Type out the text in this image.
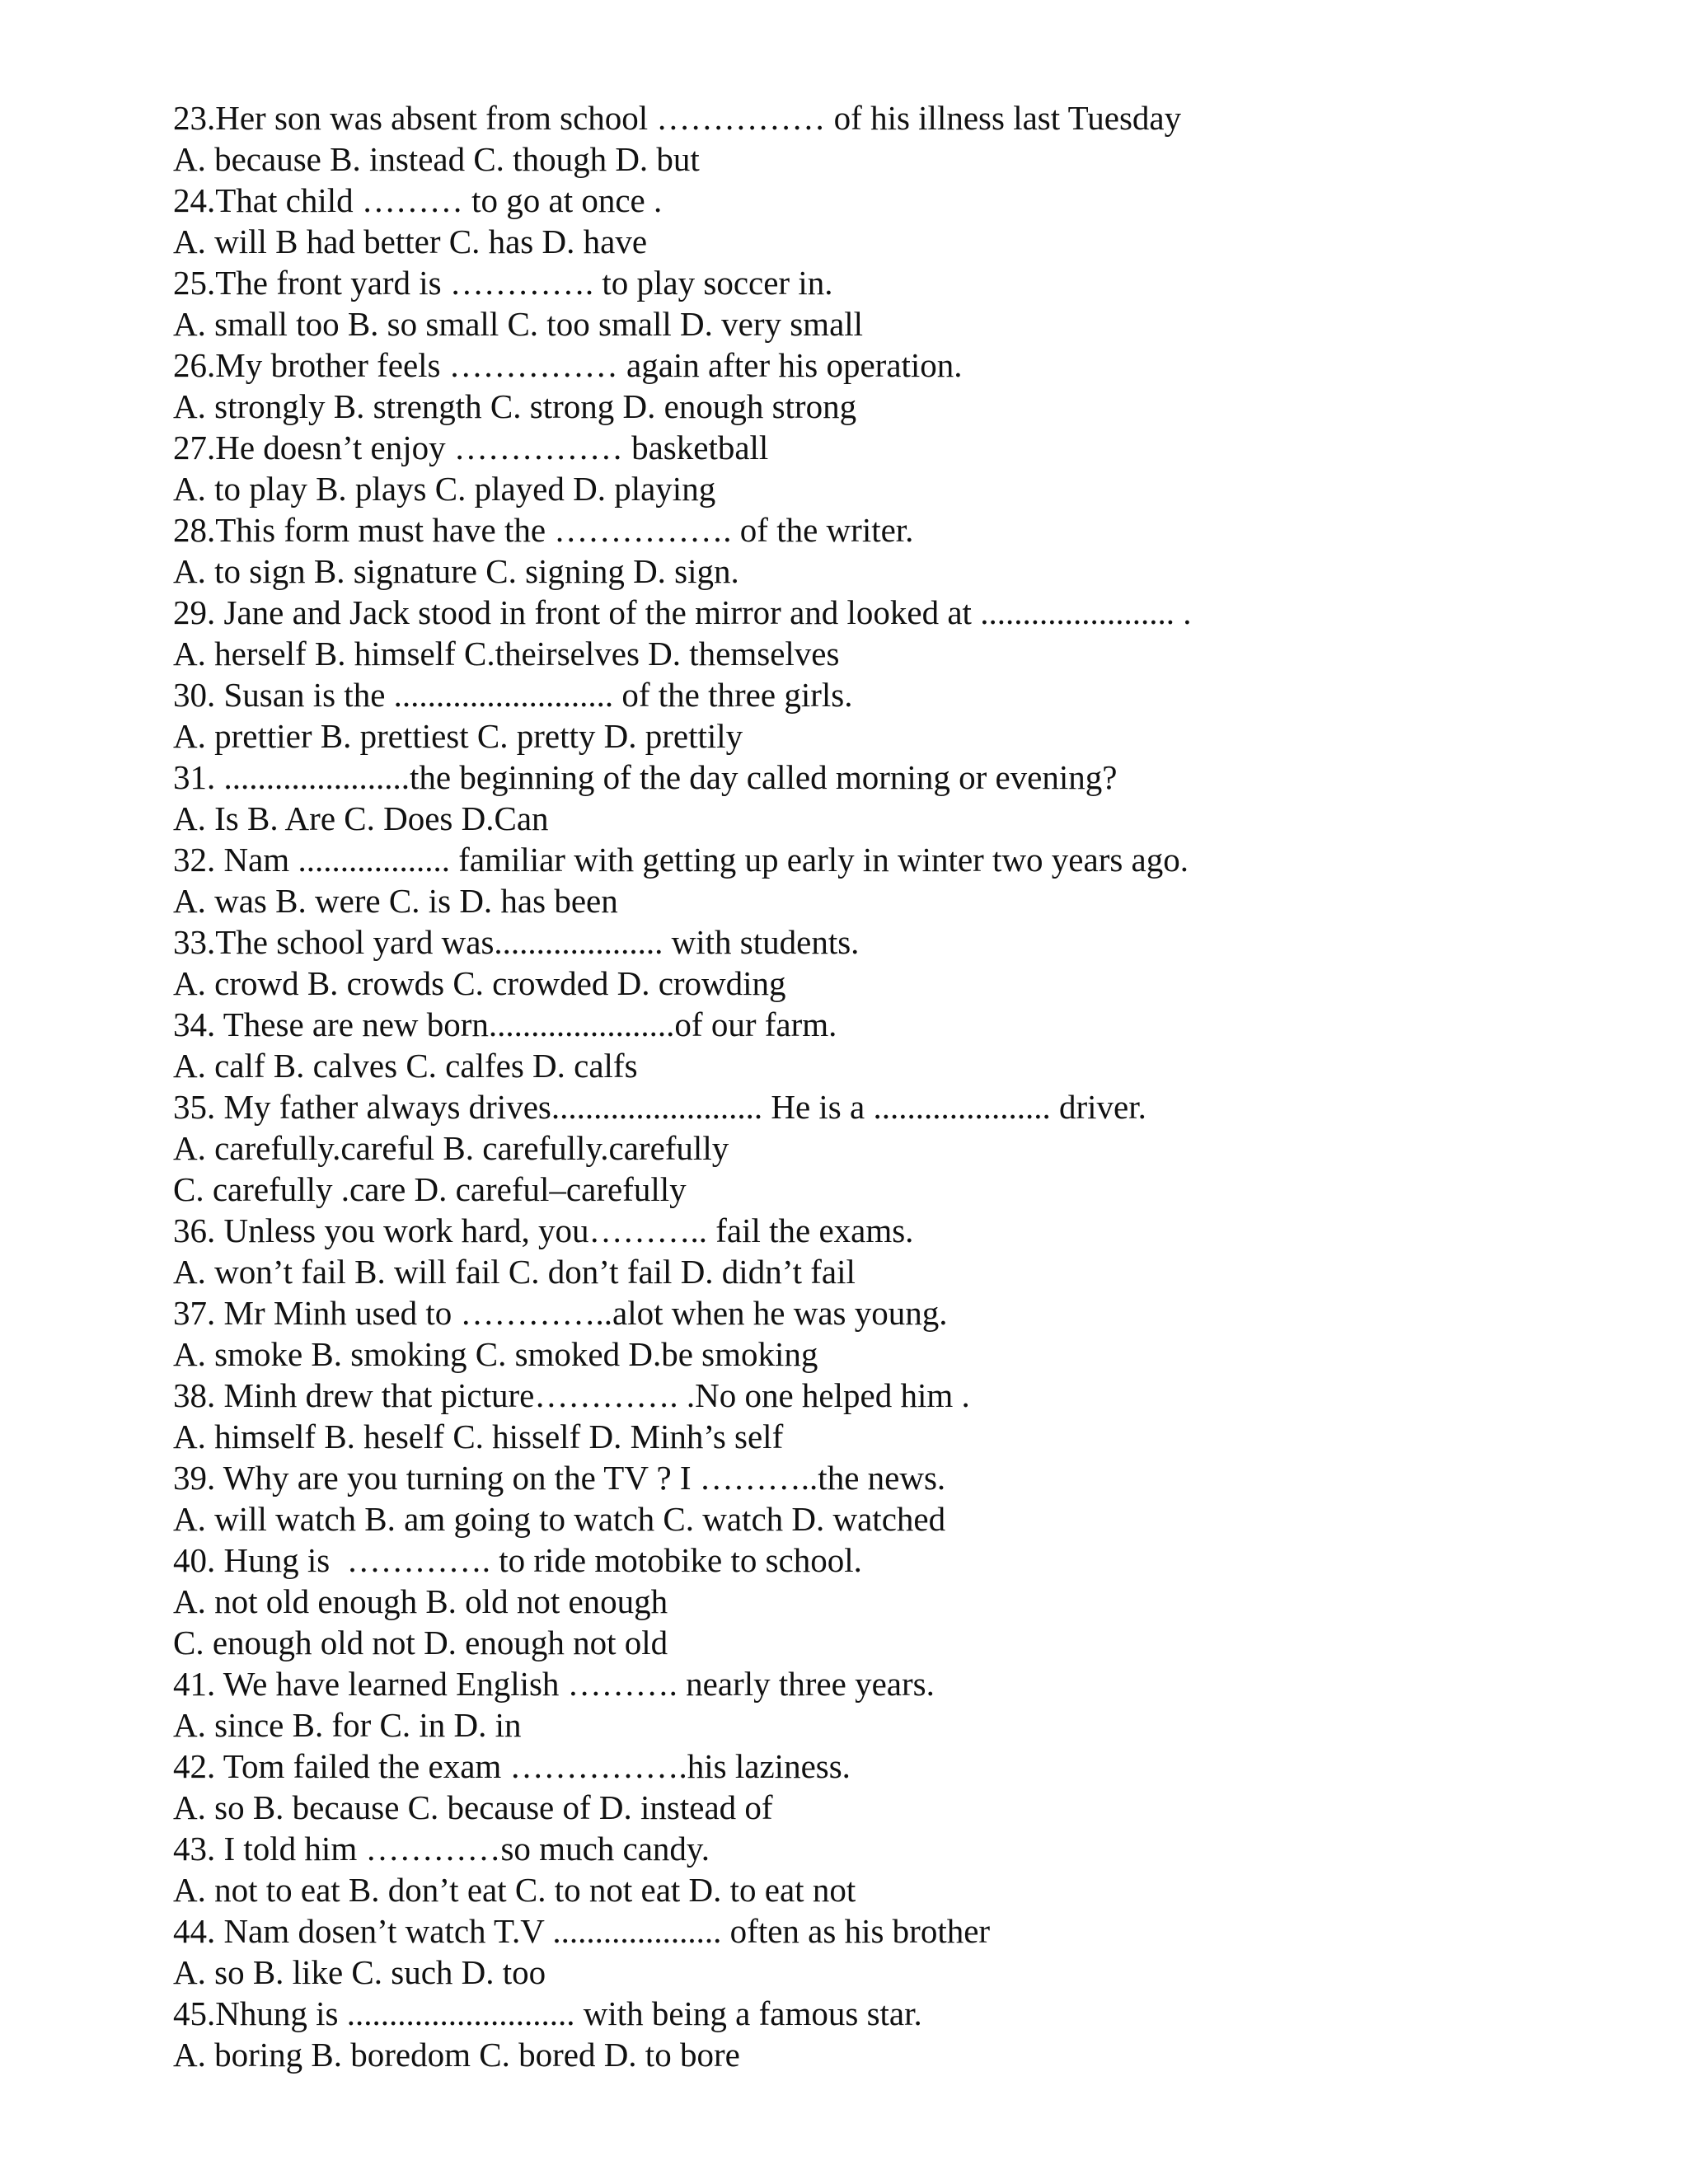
23.Her son was absent from school …………… of his illness last Tuesday

A. because B. instead C. though D. but

24.That child ……… to go at once .

A. will B had better C. has D. have

25.The front yard is …………. to play soccer in.

A. small too B. so small C. too small D. very small

26.My brother feels …………… again after his operation.

A. strongly B. strength C. strong D. enough strong

27.He doesn’t enjoy …………… basketball

A. to play B. plays C. played D. playing

28.This form must have the ……………. of the writer.

A. to sign B. signature C. signing D. sign.

29. Jane and Jack stood in front of the mirror and looked at ....................... .

A. herself B. himself C.theirselves D. themselves

30. Susan is the .......................... of the three girls.

A. prettier B. prettiest C. pretty D. prettily

31. ......................the beginning of the day called morning or evening?

A. Is B. Are C. Does D.Can

32. Nam .................. familiar with getting up early in winter two years ago.

A. was B. were C. is D. has been

33.The school yard was.................... with students.

A. crowd B. crowds C. crowded D. crowding

34. These are new born......................of our farm.

A. calf B. calves C. calfes D. calfs

35. My father always drives......................... He is a ..................... driver.

A. carefully.careful B. carefully.carefully

C. carefully .care D. careful–carefully

36. Unless you work hard, you……….. fail the exams.

A. won’t fail B. will fail C. don’t fail D. didn’t fail

37. Mr Minh used to …………..alot when he was young.

A. smoke B. smoking C. smoked D.be smoking

38. Minh drew that picture…………. .No one helped him .

A. himself B. heself C. hisself D. Minh’s self

39. Why are you turning on the TV ? I ………..the news.

A. will watch B. am going to watch C. watch D. watched

40. Hung is  …………. to ride motobike to school.

A. not old enough B. old not enough

C. enough old not D. enough not old

41. We have learned English ………. nearly three years.

A. since B. for C. in D. in

42. Tom failed the exam …………….his laziness.

A. so B. because C. because of D. instead of

43. I told him …………so much candy.

A. not to eat B. don’t eat C. to not eat D. to eat not

44. Nam dosen’t watch T.V .................... often as his brother

A. so B. like C. such D. too

45.Nhung is ........................... with being a famous star.

A. boring B. boredom C. bored D. to bore
